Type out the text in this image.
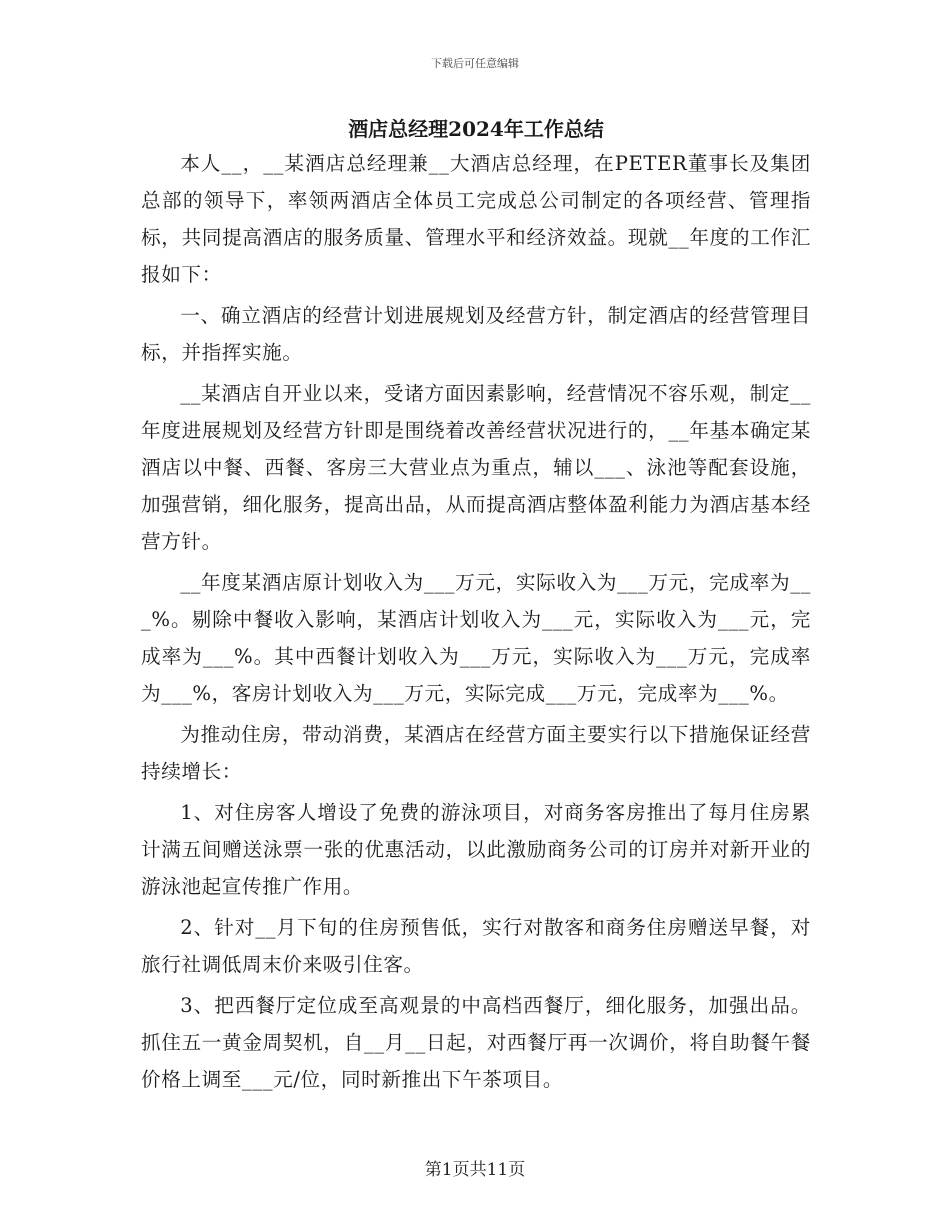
下载后可任意编辑
酒店总经理2024年工作总结

本人__，__某酒店总经理兼__大酒店总经理，在PETER董事长及集团总部的领导下，率领两酒店全体员工完成总公司制定的各项经营、管理指标，共同提高酒店的服务质量、管理水平和经济效益。现就__年度的工作汇报如下：

一、确立酒店的经营计划进展规划及经营方针，制定酒店的经营管理目标，并指挥实施。

__某酒店自开业以来，受诸方面因素影响，经营情况不容乐观，制定__年度进展规划及经营方针即是围绕着改善经营状况进行的，__年基本确定某酒店以中餐、西餐、客房三大营业点为重点，辅以___、泳池等配套设施，加强营销，细化服务，提高出品，从而提高酒店整体盈利能力为酒店基本经营方针。

__年度某酒店原计划收入为___万元，实际收入为___万元，完成率为___%。剔除中餐收入影响，某酒店计划收入为___元，实际收入为___元，完成率为___%。其中西餐计划收入为___万元，实际收入为___万元，完成率为___%，客房计划收入为___万元，实际完成___万元，完成率为___%。

为推动住房，带动消费，某酒店在经营方面主要实行以下措施保证经营持续增长：

1、对住房客人增设了免费的游泳项目，对商务客房推出了每月住房累计满五间赠送泳票一张的优惠活动，以此激励商务公司的订房并对新开业的游泳池起宣传推广作用。

2、针对__月下旬的住房预售低，实行对散客和商务住房赠送早餐，对旅行社调低周末价来吸引住客。

3、把西餐厅定位成至高观景的中高档西餐厅，细化服务，加强出品。抓住五一黄金周契机，自__月__日起，对西餐厅再一次调价，将自助餐午餐价格上调至___元/位，同时新推出下午茶项目。

第1页共11页
